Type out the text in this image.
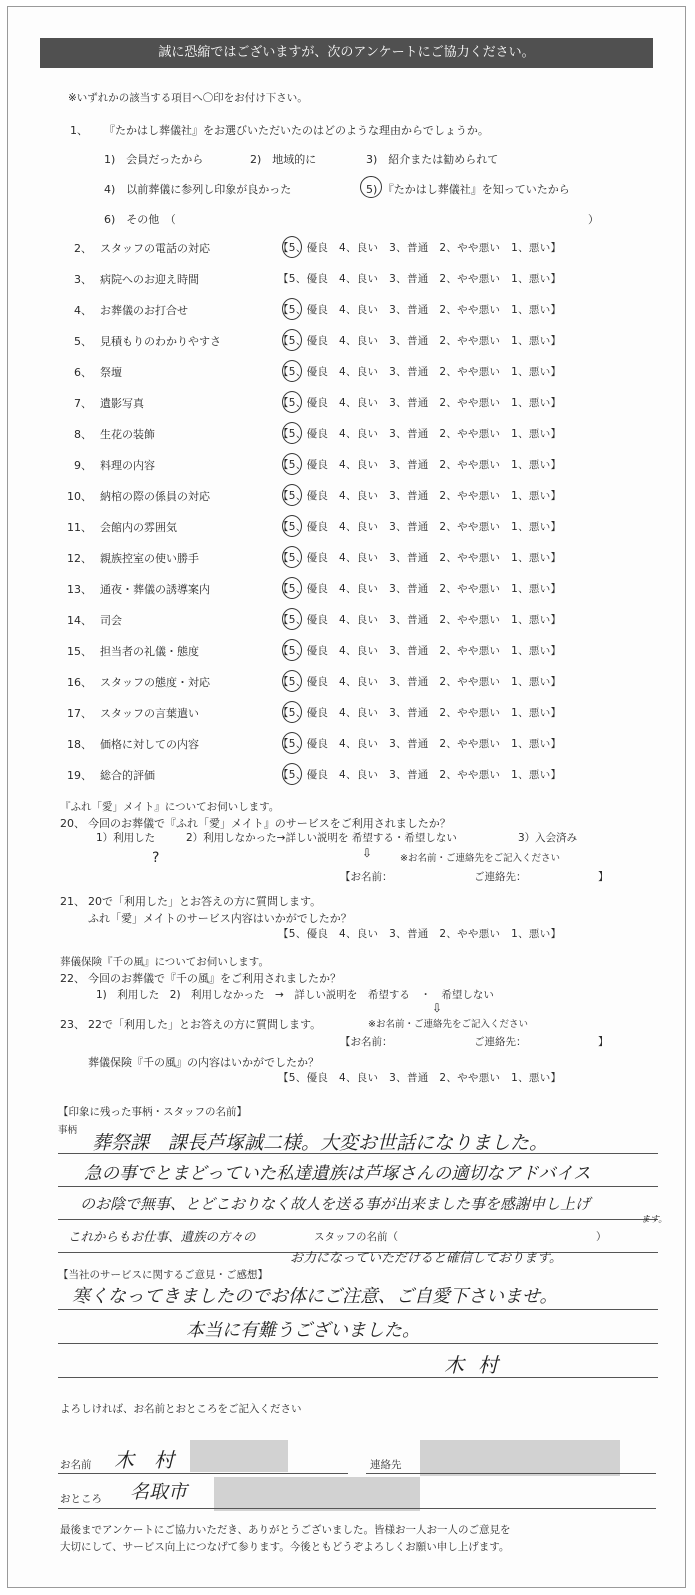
誠に恐縮ではございますが、次のアンケートにご協力ください。
※いずれかの該当する項目へ〇印をお付け下さい。
1、 『たかはし葬儀社』をお選びいただいたのはどのような理由からでしょうか。
1)　会員だったから	2)　地域的に	3)　紹介または勧められて
4)　以前葬儀に参列し印象が良かった	5)　『たかはし葬儀社』を知っていたから
6)　その他　（	）
2、 スタッフの電話の対応	【5、優良　4、良い　3、普通　2、やや悪い　1、悪い】
3、 病院へのお迎え時間	【5、優良　4、良い　3、普通　2、やや悪い　1、悪い】
4、 お葬儀のお打合せ	【5、優良　4、良い　3、普通　2、やや悪い　1、悪い】
5、 見積もりのわかりやすさ	【5、優良　4、良い　3、普通　2、やや悪い　1、悪い】
6、 祭壇	【5、優良　4、良い　3、普通　2、やや悪い　1、悪い】
7、 遺影写真	【5、優良　4、良い　3、普通　2、やや悪い　1、悪い】
8、 生花の装飾	【5、優良　4、良い　3、普通　2、やや悪い　1、悪い】
9、 料理の内容	【5、優良　4、良い　3、普通　2、やや悪い　1、悪い】
10、 納棺の際の係員の対応	【5、優良　4、良い　3、普通　2、やや悪い　1、悪い】
11、 会館内の雰囲気	【5、優良　4、良い　3、普通　2、やや悪い　1、悪い】
12、 親族控室の使い勝手	【5、優良　4、良い　3、普通　2、やや悪い　1、悪い】
13、 通夜・葬儀の誘導案内	【5、優良　4、良い　3、普通　2、やや悪い　1、悪い】
14、 司会	【5、優良　4、良い　3、普通　2、やや悪い　1、悪い】
15、 担当者の礼儀・態度	【5、優良　4、良い　3、普通　2、やや悪い　1、悪い】
16、 スタッフの態度・対応	【5、優良　4、良い　3、普通　2、やや悪い　1、悪い】
17、 スタッフの言葉遣い	【5、優良　4、良い　3、普通　2、やや悪い　1、悪い】
18、 価格に対しての内容	【5、優良　4、良い　3、普通　2、やや悪い　1、悪い】
19、 総合的評価	【5、優良　4、良い　3、普通　2、やや悪い　1、悪い】
『ふれ「愛」メイト』についてお伺いします。
20、 今回のお葬儀で『ふれ「愛」メイト』のサービスをご利用されましたか？
1）利用した	2）利用しなかった→詳しい説明を 希望する・希望しない	3）入会済み
⇩
?	※お名前・ご連絡先をご記入ください
【お名前：	ご連絡先：	】
21、 20で「利用した」とお答えの方に質問します。
ふれ「愛」メイトのサービス内容はいかがでしたか？
【5、優良　4、良い　3、普通　2、やや悪い　1、悪い】
葬儀保険『千の風』についてお伺いします。
22、 今回のお葬儀で『千の風』をご利用されましたか？
1)　利用した　2)　利用しなかった　→　詳しい説明を　希望する　・　希望しない
⇩
23、 22で「利用した」とお答えの方に質問します。	※お名前・ご連絡先をご記入ください
【お名前：	ご連絡先：	】
葬儀保険『千の風』の内容はいかがでしたか？
【5、優良　4、良い　3、普通　2、やや悪い　1、悪い】
【印象に残った事柄・スタッフの名前】
事柄
葬祭課　課長芦塚誠二様。大変お世話になりました。
急の事でとまどっていた私達遺族は芦塚さんの適切なアドバイス
のお陰で無事、とどこおりなく故人を送る事が出来ました事を感謝申し上げ
ます。
これからもお仕事、遺族の方々の	スタッフの名前（	）
お力になっていただけると確信しております。
【当社のサービスに関するご意見・ご感想】
寒くなってきましたのでお体にご注意、ご自愛下さいませ。
本当に有難うございました。
木村
よろしければ、お名前とおところをご記入ください
お名前 木　村	連絡先
おところ 名取市
最後までアンケートにご協力いただき、ありがとうございました。皆様お一人お一人のご意見を
大切にして、サービス向上につなげて参ります。今後ともどうぞよろしくお願い申し上げます。
